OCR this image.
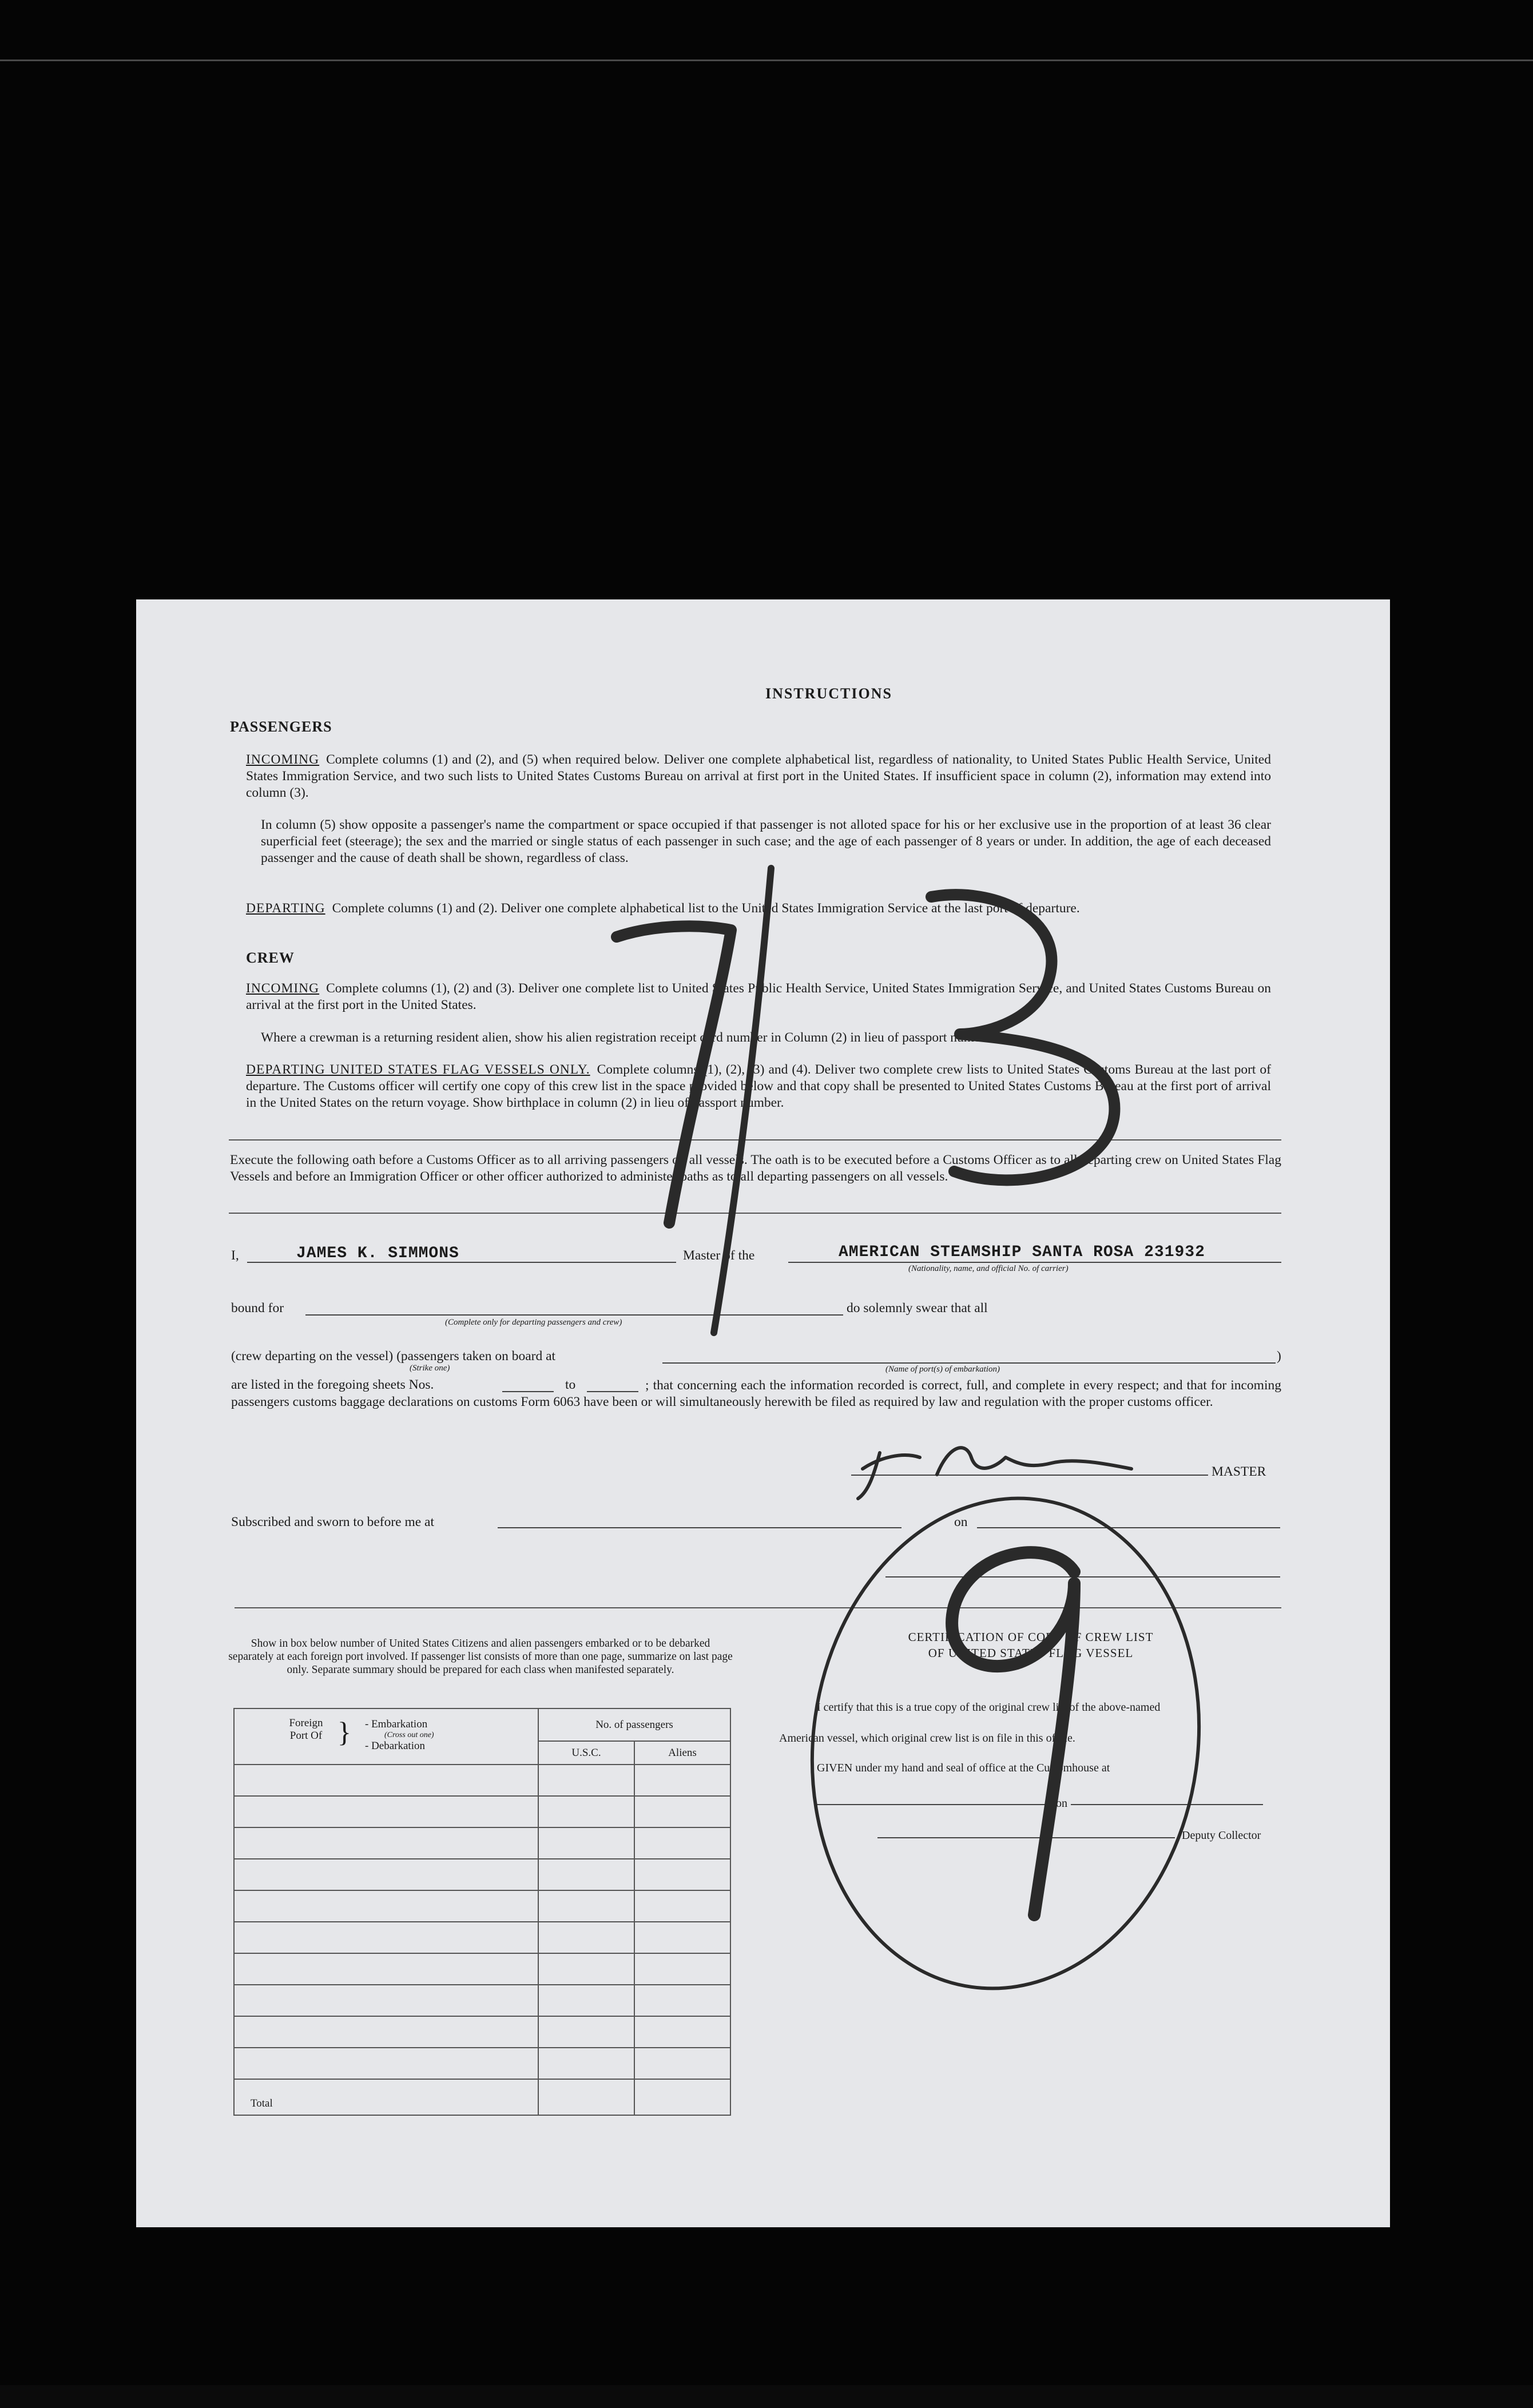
INSTRUCTIONS
PASSENGERS
INCOMING Complete columns (1) and (2), and (5) when required below. Deliver one complete alphabetical list, regardless of nationality, to United States Public Health Service, United States Immigration Service, and two such lists to United States Customs Bureau on arrival at first port in the United States. If insufficient space in column (2), information may extend into column (3).
In column (5) show opposite a passenger's name the compartment or space occupied if that passenger is not alloted space for his or her exclusive use in the proportion of at least 36 clear superficial feet (steerage); the sex and the married or single status of each passenger in such case; and the age of each passenger of 8 years or under. In addition, the age of each deceased passenger and the cause of death shall be shown, regardless of class.
DEPARTING Complete columns (1) and (2). Deliver one complete alphabetical list to the United States Immigration Service at the last port of departure.
CREW
INCOMING Complete columns (1), (2) and (3). Deliver one complete list to United States Public Health Service, United States Immigration Service, and United States Customs Bureau on arrival at the first port in the United States.
Where a crewman is a returning resident alien, show his alien registration receipt card number in Column (2) in lieu of passport number.
DEPARTING UNITED STATES FLAG VESSELS ONLY. Complete columns (1), (2), (3) and (4). Deliver two complete crew lists to United States Customs Bureau at the last port of departure. The Customs officer will certify one copy of this crew list in the space provided below and that copy shall be presented to United States Customs Bureau at the first port of arrival in the United States on the return voyage. Show birthplace in column (2) in lieu of passport number.
Execute the following oath before a Customs Officer as to all arriving passengers on all vessels. The oath is to be executed before a Customs Officer as to all departing crew on United States Flag Vessels and before an Immigration Officer or other officer authorized to administer oaths as to all departing passengers on all vessels.
I,	JAMES K. SIMMONS	Master of the	AMERICAN STEAMSHIP SANTA ROSA 231932
(Nationality, name, and official No. of carrier)
bound for
(Complete only for departing passengers and crew)
do solemnly swear that all
(crew departing on the vessel) (passengers taken on board at
(Strike one)
)
(Name of port(s) of embarkation)
are listed in the foregoing sheets Nos.	to	; that concerning each the information recorded is correct, full, and complete in every respect; and that for incoming passengers customs baggage declarations on customs Form 6063 have been or will simultaneously herewith be filed as required by law and regulation with the proper customs officer.
MASTER
Subscribed and sworn to before me at	on
Show in box below number of United States Citizens and alien passengers embarked or to be debarked separately at each foreign port involved. If passenger list consists of more than one page, summarize on last page only. Separate summary should be prepared for each class when manifested separately.
Foreign Port Of } - Embarkation
(Cross out one)
- Debarkation	No. of passengers	
	U.S.C.	Aliens

Total		
CERTIFICATION OF COPY OF CREW LIST
OF UNITED STATES FLAG VESSEL
I certify that this is a true copy of the original crew list of the above-named
American vessel, which original crew list is on file in this office.
GIVEN under my hand and seal of office at the Customhouse at
on
, Deputy Collector
